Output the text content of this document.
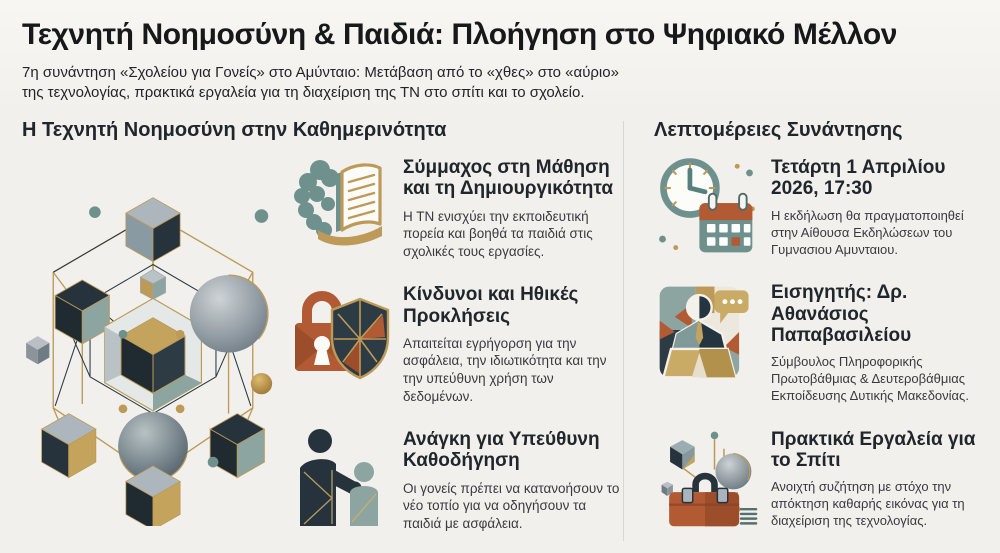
Τεχνητή Νοημοσύνη & Παιδιά: Πλοήγηση στο Ψηφιακό Μέλλον

7η συνάντηση «Σχολείου για Γονείς» στο Αμύνταιο: Μετάβαση από το «χθες» στο «αύριο» της τεχνολογίας, πρακτικά εργαλεία για τη διαχείριση της ΤΝ στο σπίτι και το σχολείο.

Η Τεχνητή Νοημοσύνη στην Καθημερινότητα
Σύμμαχος στη Μάθηση και τη Δημιουργικότητα

Η ΤΝ ενισχύει την εκποιδευτική πορεία και βοηθά τα παιδιά στις σχολικές τους εργασίες.

Κίνδυνοι και Ηθικές Προκλήσεις

Απαιτείται εγρήγορση για την ασφάλεια, την ιδιωτικότητα και την την υπεύθυνη χρήση των δεδομένων.

Ανάγκη για Υπεύθυνη Καθοδήγηση

Οι γονείς πρέπει να κατανοήσουν το νέο τοπίο για να οδηγήσουν τα παιδιά με ασφάλεια.

Λεπτομέρειες Συνάντησης
Τετάρτη 1 Απριλίου 2026, 17:30

Η εκδήλωση θα πραγματοποιηθεί στην Αίθουσα Εκδηλώσεων του Γυμνασιου Αμυνταιου.

Εισηγητής: Δρ. Αθανάσιος Παπαβασιλείου

Σύμβουλος Πληροφορικής Πρωτοβάθμιας & Δευτεροβάθμιας Εκποίδευσης Δυτικής Μακεδονίας.

Πρακτικά Εργαλεία για το Σπίτι

Ανοιχτή συζήτηση με στόχο την απόκτηση καθαρής εικόνας για τη διαχείριση της τεχνολογίας.
